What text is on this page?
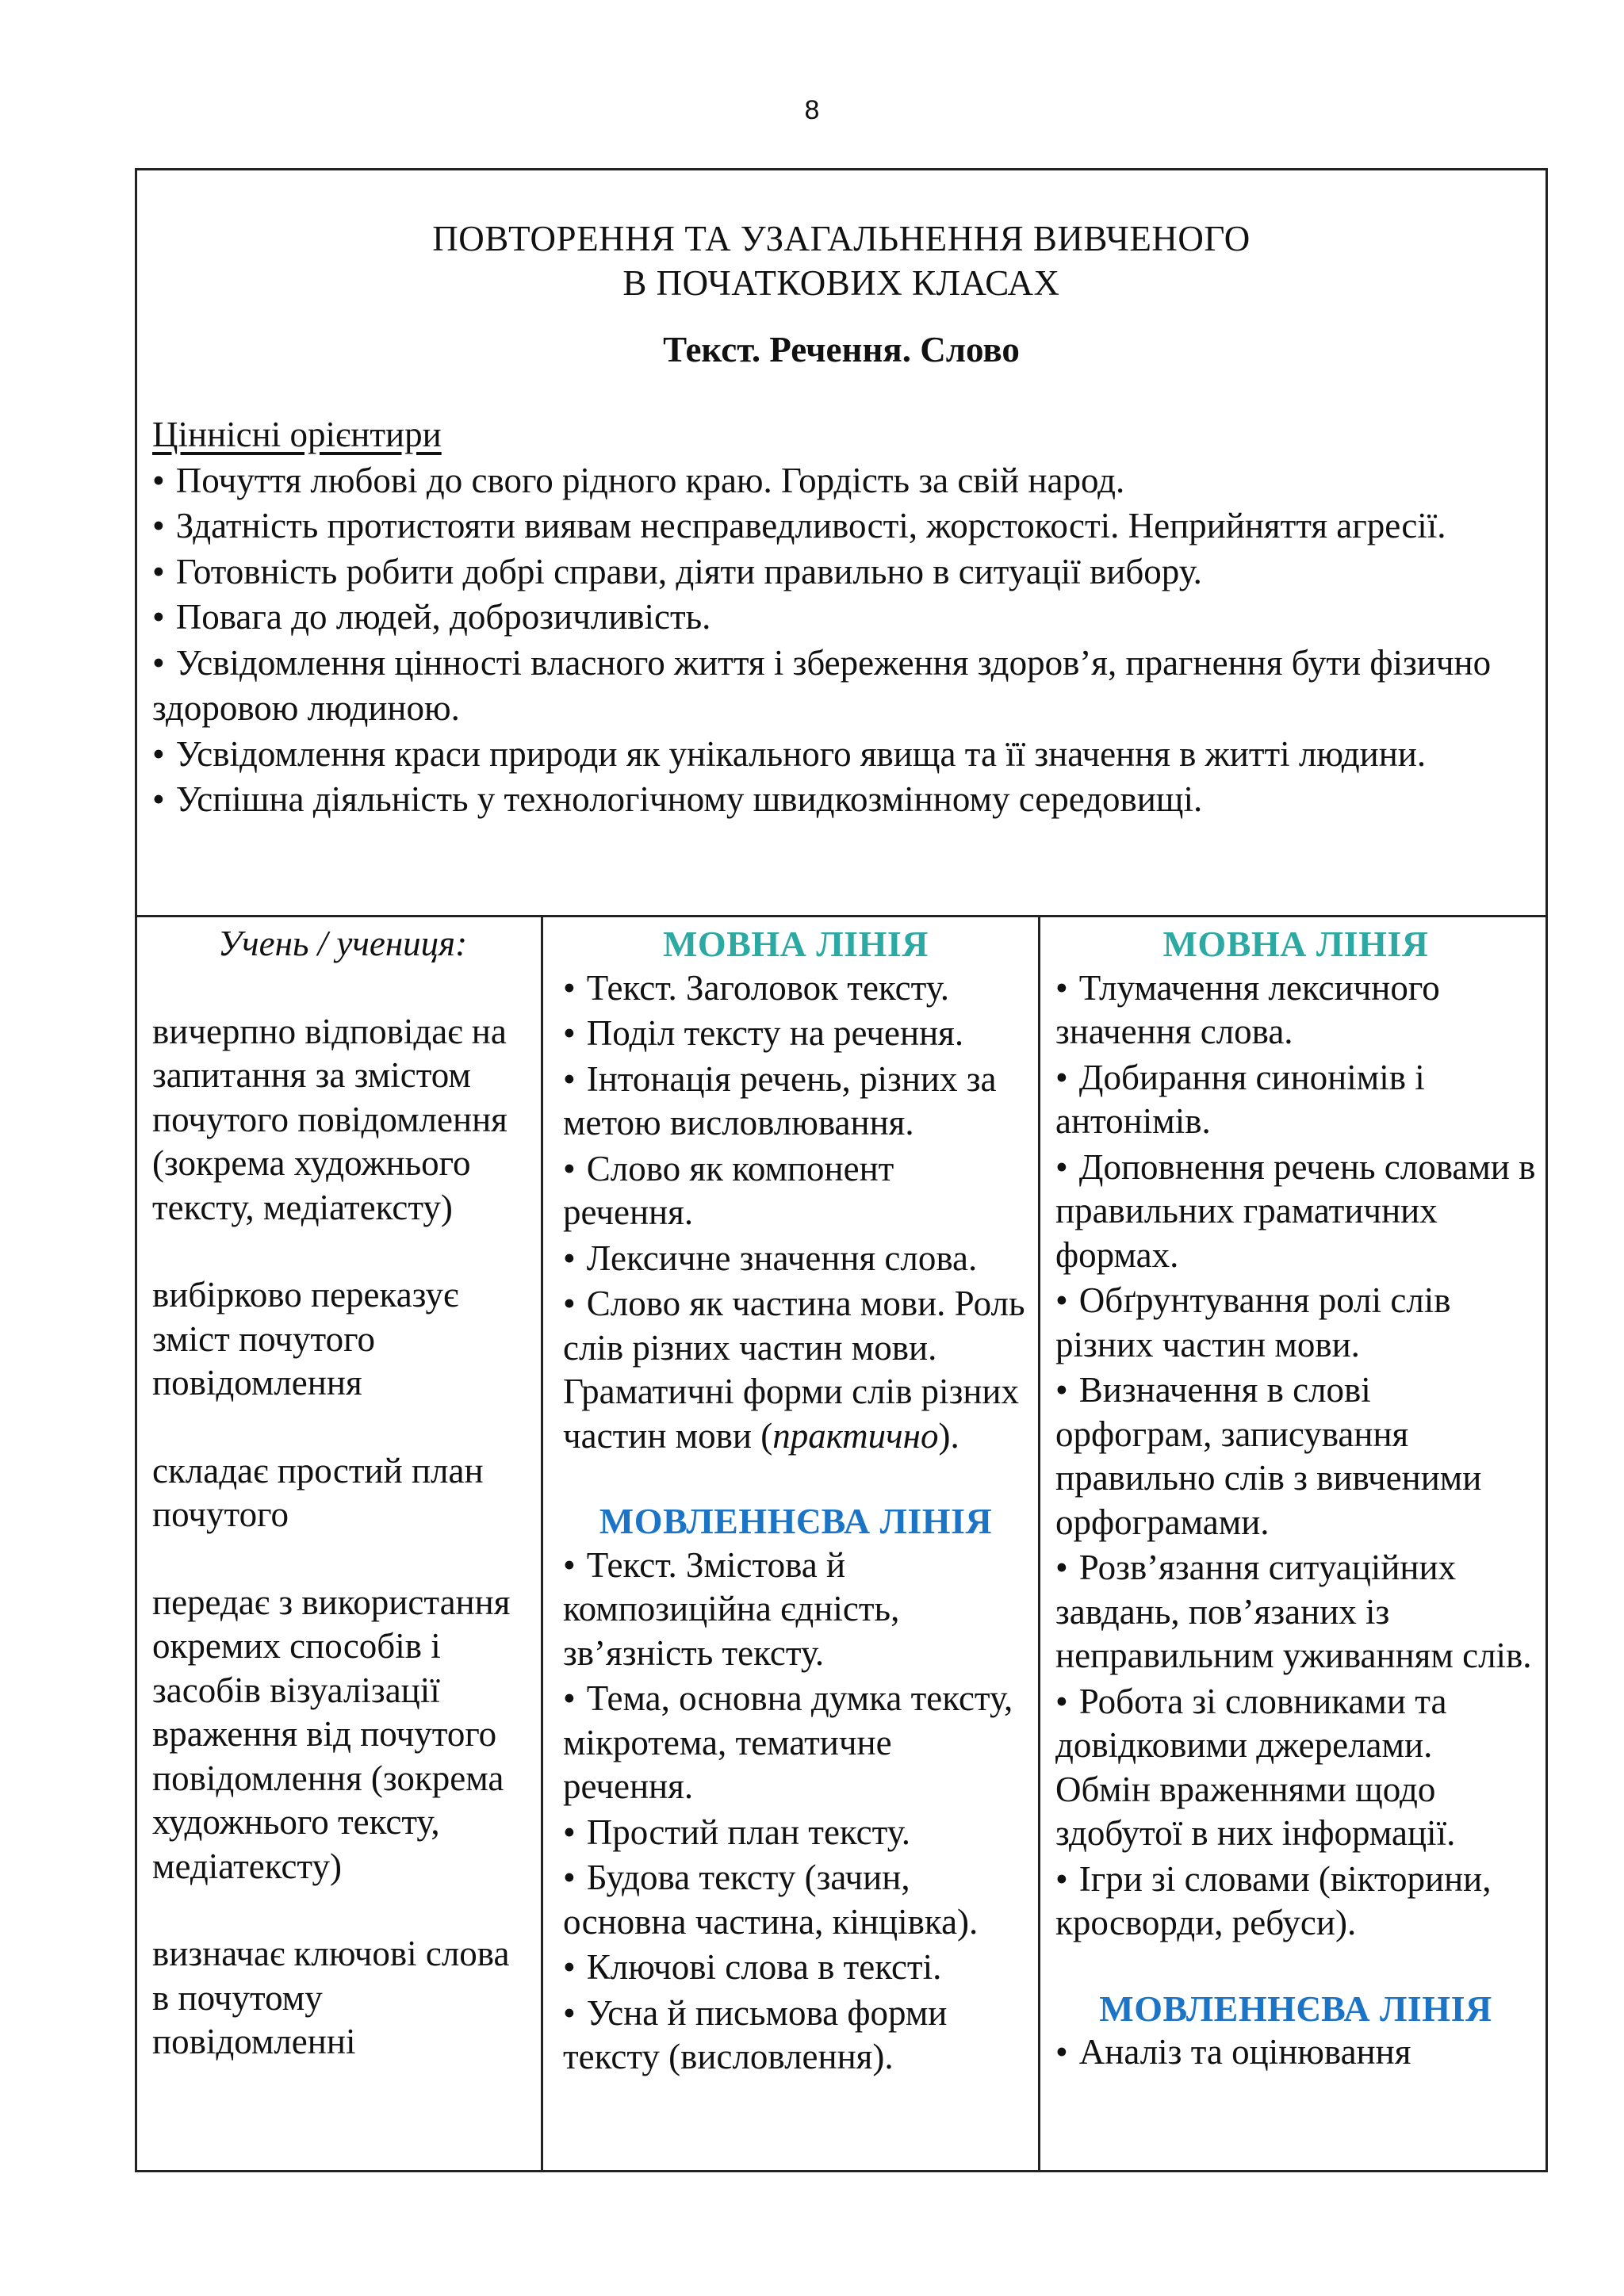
8
ПОВТОРЕННЯ ТА УЗАГАЛЬНЕННЯ ВИВЧЕНОГО
В ПОЧАТКОВИХ КЛАСАХ
Текст. Речення. Слово
Ціннісні орієнтири
• Почуття любові до свого рідного краю. Гордість за свій народ.
• Здатність протистояти виявам несправедливості, жорстокості. Неприйняття агресії.
• Готовність робити добрі справи, діяти правильно в ситуації вибору.
• Повага до людей, доброзичливість.
• Усвідомлення цінності власного життя і збереження здоров’я, прагнення бути фізично здоровою людиною.
• Усвідомлення краси природи як унікального явища та її значення в житті людини.
• Успішна діяльність у технологічному швидкозмінному середовищі.
Учень / учениця:

вичерпно відповідає на запитання за змістом почутого повідомлення (зокрема художнього тексту, медіатексту)

вибірково переказує зміст почутого повідомлення

складає простий план почутого

передає з використання окремих способів і засобів візуалізації враження від почутого повідомлення (зокрема художнього тексту, медіатексту)

визначає ключові слова в почутому повідомленні

МОВНА ЛІНІЯ
• Текст. Заголовок тексту.
• Поділ тексту на речення.
• Інтонація речень, різних за метою висловлювання.
• Слово як компонент речення.
• Лексичне значення слова.
• Слово як частина мови. Роль слів різних частин мови. Граматичні форми слів різних частин мови (практично).
МОВЛЕННЄВА ЛІНІЯ
• Текст. Змістова й композиційна єдність, зв’язність тексту.
• Тема, основна думка тексту, мікротема, тематичне речення.
• Простий план тексту.
• Будова тексту (зачин, основна частина, кінцівка).
• Ключові слова в тексті.
• Усна й письмова форми тексту (висловлення).
МОВНА ЛІНІЯ
• Тлумачення лексичного значення слова.
• Добирання синонімів і антонімів.
• Доповнення речень словами в правильних граматичних формах.
• Обґрунтування ролі слів різних частин мови.
• Визначення в слові орфограм, записування правильно слів з вивченими орфограмами.
• Розв’язання ситуаційних завдань, пов’язаних із неправильним уживанням слів.
• Робота зі словниками та довідковими джерелами. Обмін враженнями щодо здобутої в них інформації.
• Ігри зі словами (вікторини, кросворди, ребуси).
МОВЛЕННЄВА ЛІНІЯ
• Аналіз та оцінювання
